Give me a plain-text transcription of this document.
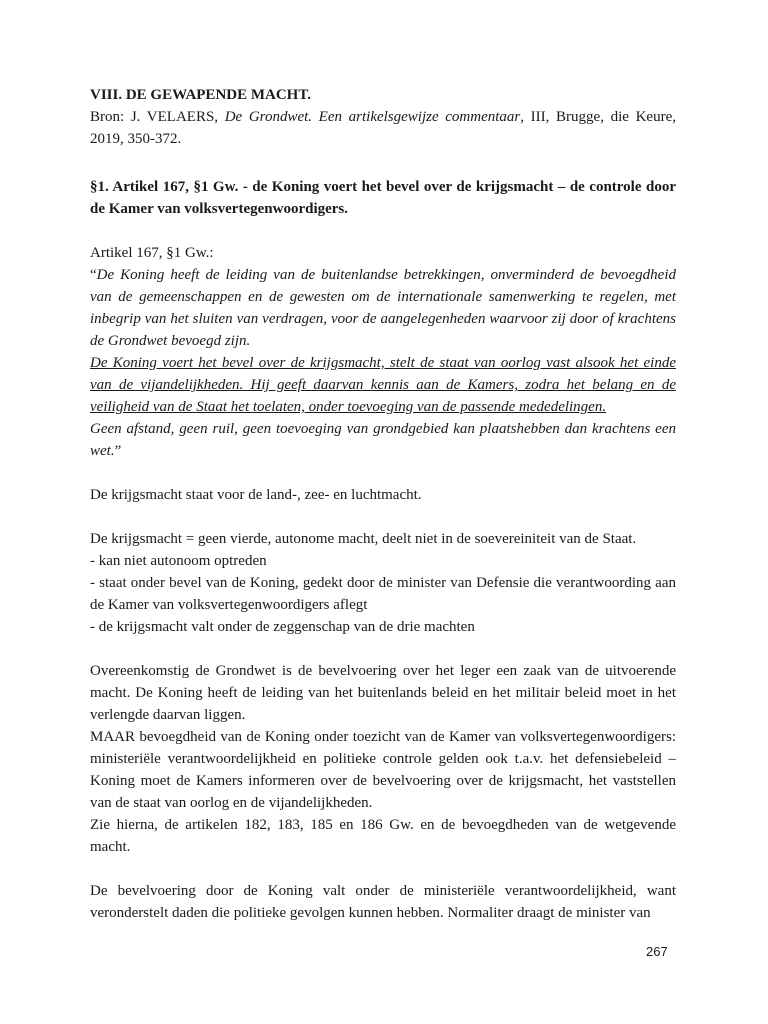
VIII. DE GEWAPENDE MACHT.

Bron: J. VELAERS, De Grondwet. Een artikelsgewijze commentaar, III, Brugge, die Keure, 2019, 350-372.

§1. Artikel 167, §1 Gw. - de Koning voert het bevel over de krijgsmacht – de controle door de Kamer van volksvertegenwoordigers.

Artikel 167, §1 Gw.:

“De Koning heeft de leiding van de buitenlandse betrekkingen, onverminderd de bevoegdheid van de gemeenschappen en de gewesten om de internationale samenwerking te regelen, met inbegrip van het sluiten van verdragen, voor de aangelegenheden waarvoor zij door of krachtens de Grondwet bevoegd zijn.

De Koning voert het bevel over de krijgsmacht, stelt de staat van oorlog vast alsook het einde van de vijandelijkheden. Hij geeft daarvan kennis aan de Kamers, zodra het belang en de veiligheid van de Staat het toelaten, onder toevoeging van de passende mededelingen.

Geen afstand, geen ruil, geen toevoeging van grondgebied kan plaatshebben dan krachtens een wet.”

De krijgsmacht staat voor de land-, zee- en luchtmacht.

De krijgsmacht = geen vierde, autonome macht, deelt niet in de soevereiniteit van de Staat.

- kan niet autonoom optreden

- staat onder bevel van de Koning, gedekt door de minister van Defensie die verantwoording aan de Kamer van volksvertegenwoordigers aflegt

- de krijgsmacht valt onder de zeggenschap van de drie machten

Overeenkomstig de Grondwet is de bevelvoering over het leger een zaak van de uitvoerende macht. De Koning heeft de leiding van het buitenlands beleid en het militair beleid moet in het verlengde daarvan liggen.

MAAR bevoegdheid van de Koning onder toezicht van de Kamer van volksvertegenwoordigers: ministeriële verantwoordelijkheid en politieke controle gelden ook t.a.v. het defensiebeleid – Koning moet de Kamers informeren over de bevelvoering over de krijgsmacht, het vaststellen van de staat van oorlog en de vijandelijkheden.

Zie hierna, de artikelen 182, 183, 185 en 186 Gw. en de bevoegdheden van de wetgevende macht.

De bevelvoering door de Koning valt onder de ministeriële verantwoordelijkheid, want veronderstelt daden die politieke gevolgen kunnen hebben. Normaliter draagt de minister van

267
